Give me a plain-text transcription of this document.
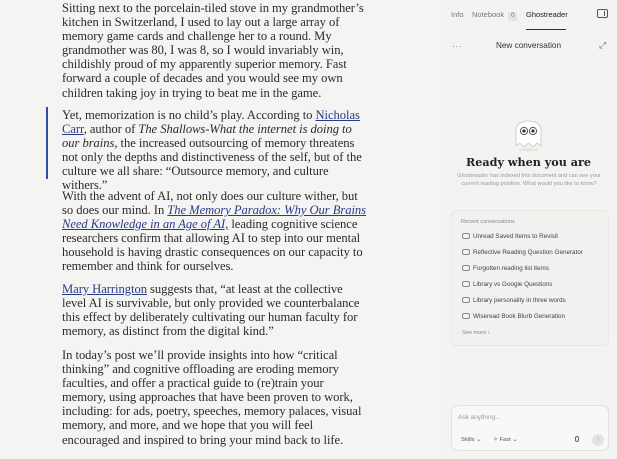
Sitting next to the porcelain-tiled stove in my grandmother’s kitchen in Switzerland, I used to lay out a large array of memory game cards and challenge her to a round. My grandmother was 80, I was 8, so I would invariably win, childishly proud of my apparently superior memory. Fast forward a couple of decades and you would see my own children taking joy in trying to beat me in the game.

Yet, memorization is no child’s play. According to Nicholas Carr, author of The Shallows-What the internet is doing to our brains, the increased outsourcing of memory threatens not only the depths and distinctiveness of the self, but of the culture we all share: “Outsource memory, and culture withers.”

With the advent of AI, not only does our culture wither, but so does our mind. In The Memory Paradox: Why Our Brains Need Knowledge in an Age of AI, leading cognitive science researchers confirm that allowing AI to step into our mental household is having drastic consequences on our capacity to remember and think for ourselves.

Mary Harrington suggests that, “at least at the collective level AI is survivable, but only provided we counterbalance this effect by deliberately cultivating our human faculty for memory, as distinct from the digital kind.”

In today’s post we’ll provide insights into how “critical thinking” and cognitive offloading are eroding memory faculties, and offer a practical guide to (re)train your memory, using approaches that have been proven to work, including: for ads, poetry, speeches, memory palaces, visual memory, and more, and we hope that you will feel encouraged and inspired to bring your mind back to life.

Info Notebook 0	Ghostreader
···	New conversation	⤢
Ready when you are
Ghostreader has indexed this document and can see your current reading position. What would you like to know?
Recent conversations
Unread Saved Items to Revisit
Reflective Reading Question Generator
Forgotten reading list items
Library vs Google Questions
Library personality in three words
Wiseread Book Blurb Generation
See more ›
Ask anything...
Skills ⌄ ✧ Fast ⌄	↑
